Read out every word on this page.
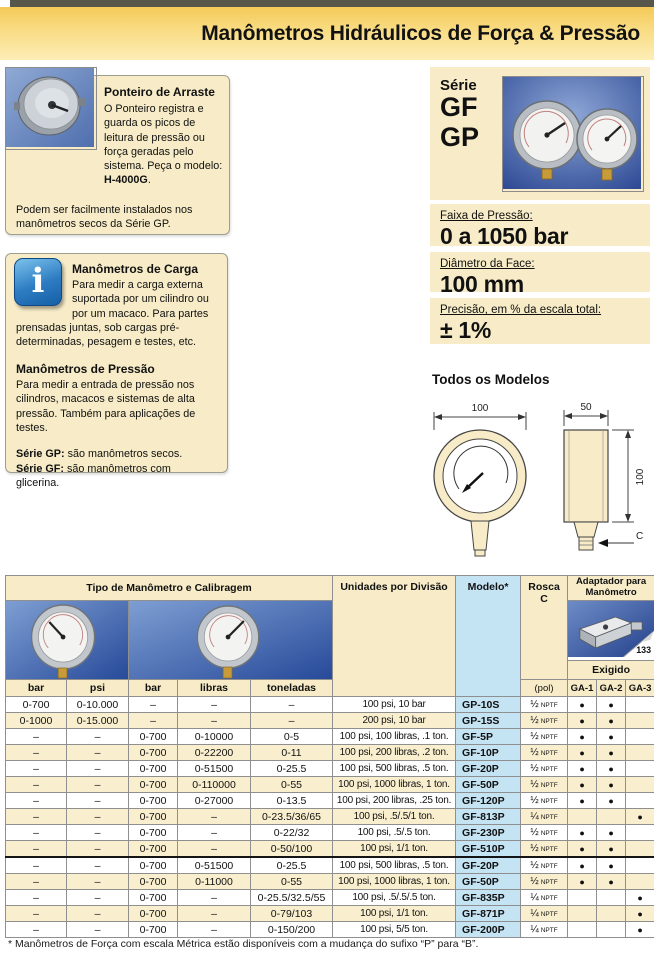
Manômetros Hidráulicos de Força & Pressão
Ponteiro de Arraste

O Ponteiro registra e guarda os picos de leitura de pressão ou força geradas pelo sistema. Peça o modelo: H-4000G.

Podem ser facilmente instalados nos manômetros secos da Série GP.

i	Manômetros de Carga

Para medir a carga externa suportada por um cilindro ou por um macaco. Para partes prensadas juntas, sob cargas pré-determinadas, pesagem e testes, etc.

Manômetros de Pressão

Para medir a entrada de pressão nos cilindros, macacos e sistemas de alta pressão. Também para aplicações de testes.

Série GP: são manômetros secos.
Série GF: são manômetros com glicerina.

Série
GF
GP
Faixa de Pressão:
0 a 1050 bar
Diâmetro da Face:
100 mm
Precisão, em % da escala total:
± 1%
Todos os Modelos
100	50
100
C
Tipo de Manômetro e Calibragem					Unidades por Divisão	Modelo*	Rosca
C	Adaptador para Manômetro		

133		

								Exigido		
bar	psi	bar	libras	toneladas			(pol)	GA-1	GA-2	GA-3
0-700	0-10.000	–	–	–	100 psi, 10 bar	GP-10S	½ NPTF	●	●	
0-1000	0-15.000	–	–	–	200 psi, 10 bar	GP-15S	½ NPTF	●	●	
–	–	0-700	0-10000	0-5	100 psi, 100 libras, .1 ton.	GF-5P	½ NPTF	●	●	
–	–	0-700	0-22200	0-11	100 psi, 200 libras, .2 ton.	GF-10P	½ NPTF	●	●	
–	–	0-700	0-51500	0-25.5	100 psi, 500 libras, .5 ton.	GF-20P	½ NPTF	●	●	
–	–	0-700	0-110000	0-55	100 psi, 1000 libras, 1 ton.	GF-50P	½ NPTF	●	●	
–	–	0-700	0-27000	0-13.5	100 psi, 200 libras, .25 ton.	GF-120P	½ NPTF	●	●	
–	–	0-700	–	0-23.5/36/65	100 psi, .5/.5/1 ton.	GF-813P	¼ NPTF			●
–	–	0-700	–	0-22/32	100 psi, .5/.5 ton.	GF-230P	½ NPTF	●	●	
–	–	0-700	–	0-50/100	100 psi, 1/1 ton.	GF-510P	½ NPTF	●	●	
–	–	0-700	0-51500	0-25.5	100 psi, 500 libras, .5 ton.	GF-20P	½ NPTF	●	●	
–	–	0-700	0-11000	0-55	100 psi, 1000 libras, 1 ton.	GF-50P	½ NPTF	●	●	
–	–	0-700	–	0-25.5/32.5/55	100 psi, .5/.5/.5 ton.	GF-835P	¼ NPTF			●
–	–	0-700	–	0-79/103	100 psi, 1/1 ton.	GF-871P	¼ NPTF			●
–	–	0-700	–	0-150/200	100 psi, 5/5 ton.	GF-200P	¼ NPTF			●
* Manômetros de Força com escala Métrica estão disponíveis com a mudança do sufixo “P” para “B”.
